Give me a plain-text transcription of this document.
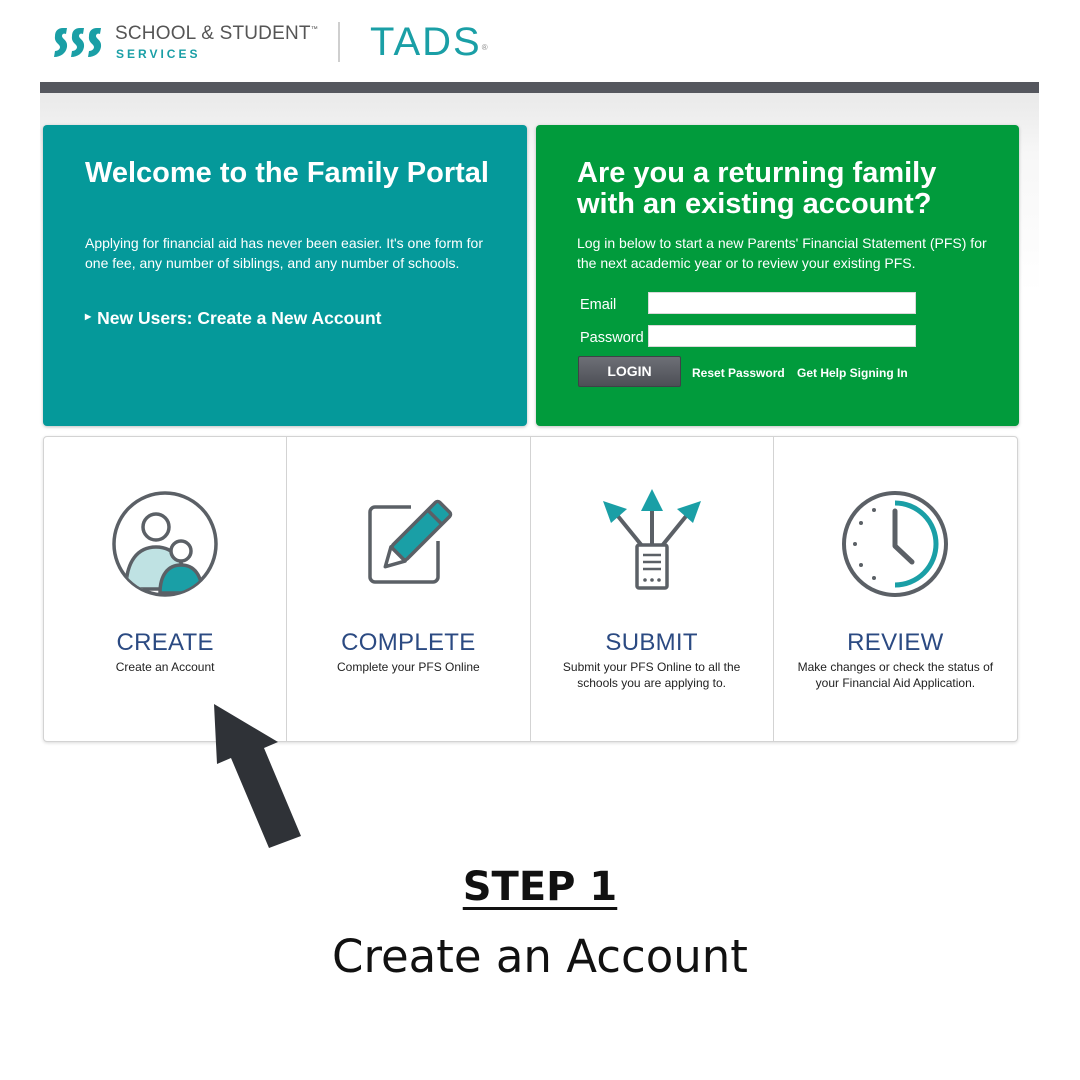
SCHOOL & STUDENT™
SERVICES	TADS®
Welcome to the Family Portal

Applying for financial aid has never been easier. It's one form for one fee, any number of siblings, and any number of schools.

▶ New Users: Create a New Account
Are you a returning family with an existing account?

Log in below to start a new Parents' Financial Statement (PFS) for the next academic year or to review your existing PFS.

Email
Password
LOGIN	Reset Password Get Help Signing In
CREATE
Create an Account
COMPLETE
Complete your PFS Online
SUBMIT
Submit your PFS Online to all the schools you are applying to.
REVIEW
Make changes or check the status of your Financial Aid Application.
STEP 1
Create an Account
